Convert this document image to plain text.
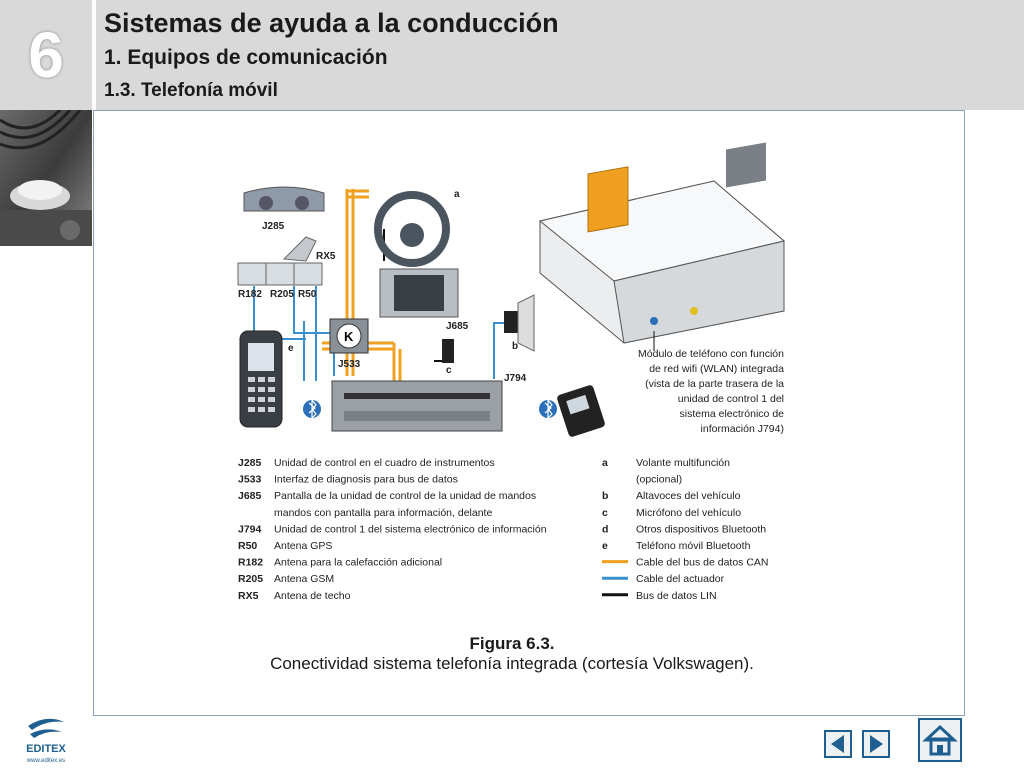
6	Sistemas de ayuda a la conducción
1. Equipos de comunicación
1.3. Telefonía móvil
J285
RX5
R182 R205 R50
a
J685
K
J533
c
b
e
J794
d
Módulo de teléfono con función
de red wifi (WLAN) integrada
(vista de la parte trasera de la
unidad de control 1 del
sistema electrónico de
información J794)
J285 Unidad de control en el cuadro de instrumentos
J533 Interfaz de diagnosis para bus de datos
J685 Pantalla de la unidad de control de la unidad de mandos
mandos con pantalla para información, delante
J794 Unidad de control 1 del sistema electrónico de información
R50 Antena GPS
R182 Antena para la calefacción adicional
R205 Antena GSM
RX5 Antena de techo
a	Volante multifunción
(opcional)
b	Altavoces del vehículo
c	Micrófono del vehículo
d	Otros dispositivos Bluetooth
e	Teléfono móvil Bluetooth
Cable del bus de datos CAN
Cable del actuador
Bus de datos LIN
Figura 6.3.
Conectividad sistema telefonía integrada (cortesía Volkswagen).
EDITEX
www.editex.es
